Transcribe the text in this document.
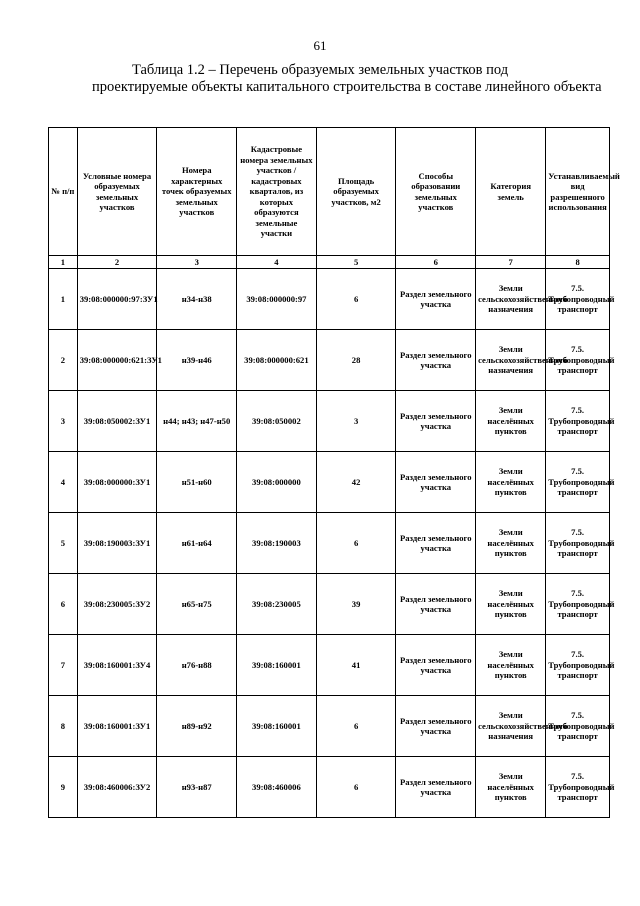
61
Таблица 1.2 – Перечень образуемых земельных участков под
проектируемые объекты капитального строительства в составе линейного объекта
№ п/п	Условные номера образуемых земельных участков	Номера характерных точек образуемых земельных участков	Кадастровые номера земельных участков / кадастровых кварталов, из которых образуются земельные участки	Площадь образуемых участков, м2	Способы образовании земельных участков	Категория земель	Устанавливаемый вид разрешенного использования
1	2	3	4	5	6	7	8
1	39:08:000000:97:ЗУ1	н34-н38	39:08:000000:97	6	Раздел земельного участка	Земли сельскохозяйственного назначения	7.5. Трубопроводный транспорт
2	39:08:000000:621:ЗУ1	н39-н46	39:08:000000:621	28	Раздел земельного участка	Земли сельскохозяйственного назначения	7.5. Трубопроводный транспорт
3	39:08:050002:ЗУ1	н44; н43; н47-н50	39:08:050002	3	Раздел земельного участка	Земли населённых пунктов	7.5. Трубопроводный транспорт
4	39:08:000000:ЗУ1	н51-н60	39:08:000000	42	Раздел земельного участка	Земли населённых пунктов	7.5. Трубопроводный транспорт
5	39:08:190003:ЗУ1	н61-н64	39:08:190003	6	Раздел земельного участка	Земли населённых пунктов	7.5. Трубопроводный транспорт
6	39:08:230005:ЗУ2	н65-н75	39:08:230005	39	Раздел земельного участка	Земли населённых пунктов	7.5. Трубопроводный транспорт
7	39:08:160001:ЗУ4	н76-н88	39:08:160001	41	Раздел земельного участка	Земли населённых пунктов	7.5. Трубопроводный транспорт
8	39:08:160001:ЗУ1	н89-н92	39:08:160001	6	Раздел земельного участка	Земли сельскохозяйственного назначения	7.5. Трубопроводный транспорт
9	39:08:460006:ЗУ2	н93-н87	39:08:460006	6	Раздел земельного участка	Земли населённых пунктов	7.5. Трубопроводный транспорт
